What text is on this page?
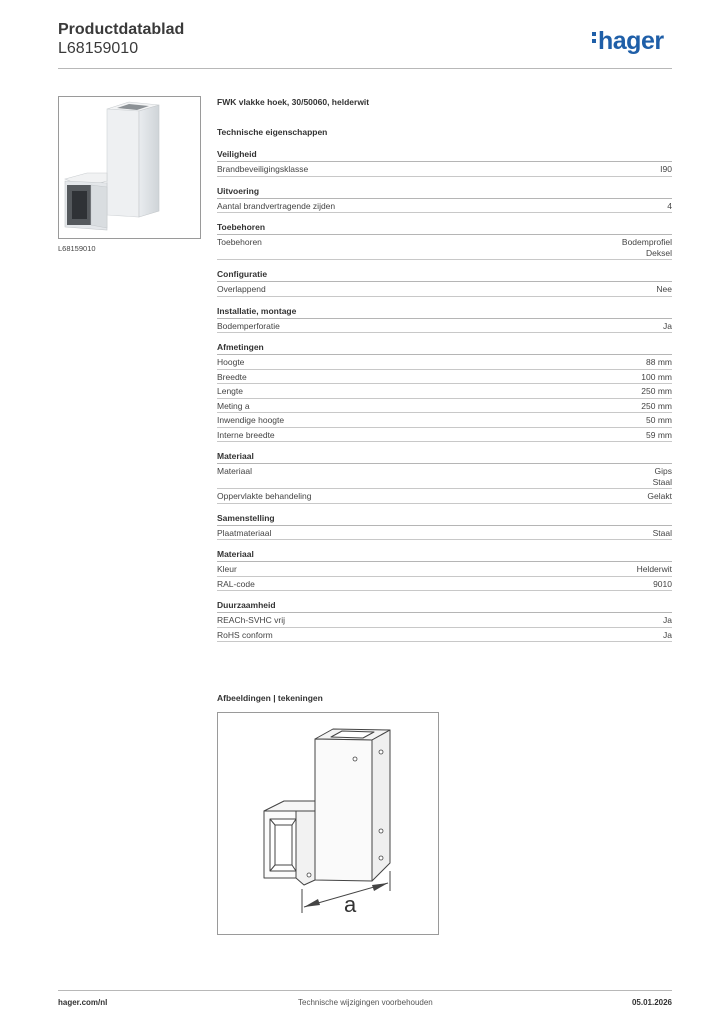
Productdatablad
L68159010	hager
L68159010
FWK vlakke hoek, 30/50060, helderwit
Technische eigenschappen
Veiligheid
Brandbeveiligingsklasse	I90
Uitvoering
Aantal brandvertragende zijden	4
Toebehoren
Toebehoren	Bodemprofiel
Deksel
Configuratie
Overlappend	Nee
Installatie, montage
Bodemperforatie	Ja
Afmetingen
Hoogte	88 mm
Breedte	100 mm
Lengte	250 mm
Meting a	250 mm
Inwendige hoogte	50 mm
Interne breedte	59 mm
Materiaal
Materiaal	Gips
Staal
Oppervlakte behandeling	Gelakt
Samenstelling
Plaatmateriaal	Staal
Materiaal
Kleur	Helderwit
RAL-code	9010
Duurzaamheid
REACh-SVHC vrij	Ja
RoHS conform	Ja
Afbeeldingen | tekeningen
a
hager.com/nl	Technische wijzigingen voorbehouden	05.01.2026
